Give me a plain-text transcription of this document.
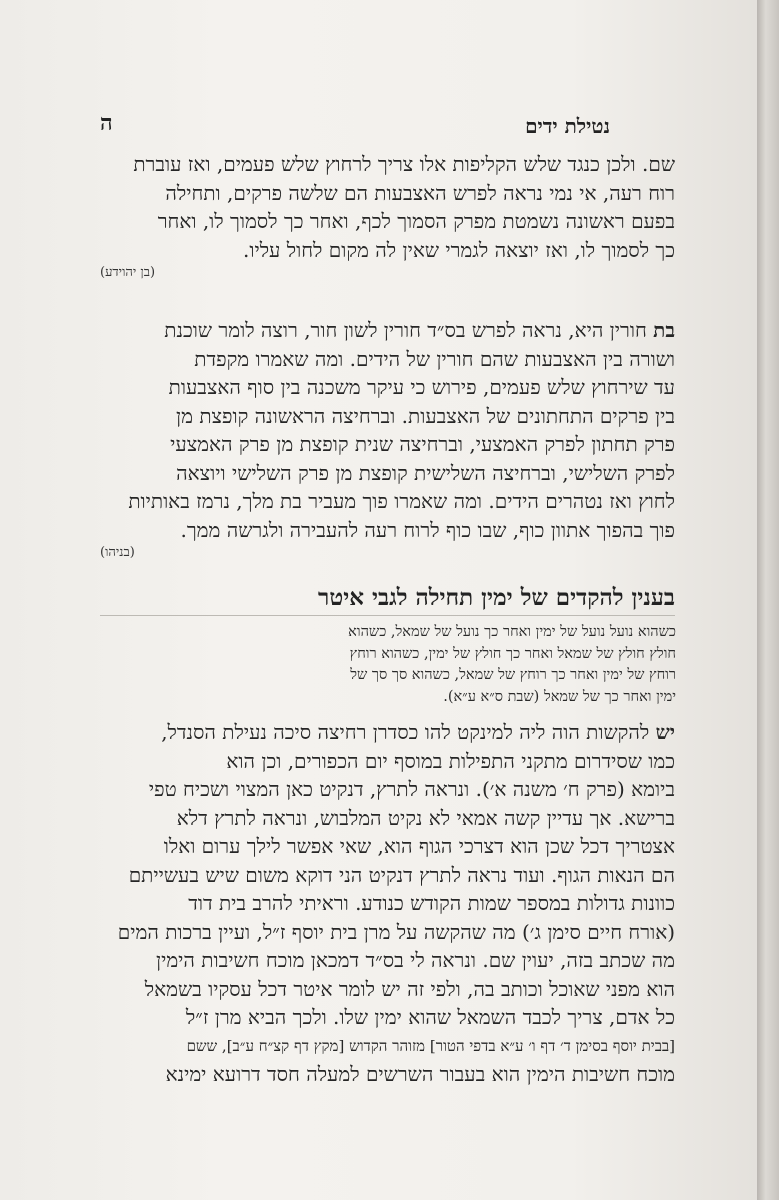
נטילת ידים
ה
שם. ולכן כנגד שלש הקליפות אלו צריך לרחוץ שלש פעמים, ואז עוברת
רוח רעה, אי נמי נראה לפרש האצבעות הם שלשה פרקים, ותחילה
בפעם ראשונה נשמטת מפרק הסמוך לכף, ואחר כך לסמוך לו, ואחר
כך לסמוך לו, ואז יוצאה לגמרי שאין לה מקום לחול עליו.
(בן יהוידע)
בת חורין היא, נראה לפרש בס״ד חורין לשון חור, רוצה לומר שוכנת
ושורה בין האצבעות שהם חורין של הידים. ומה שאמרו מקפדת
עד שירחוץ שלש פעמים, פירוש כי עיקר משכנה בין סוף האצבעות
בין פרקים התחתונים של האצבעות. וברחיצה הראשונה קופצת מן
פרק תחתון לפרק האמצעי, וברחיצה שנית קופצת מן פרק האמצעי
לפרק השלישי, וברחיצה השלישית קופצת מן פרק השלישי ויוצאה
לחוץ ואז נטהרים הידים. ומה שאמרו פוך מעביר בת מלך, נרמז באותיות
פוך בהפוך אתוון כוף, שבו כוף לרוח רעה להעבירה ולגרשה ממך.
(בניהו)
בענין להקדים של ימין תחילה לגבי איטר
כשהוא נועל נועל של ימין ואחר כך נועל של שמאל, כשהוא
חולץ חולץ של שמאל ואחר כך חולץ של ימין, כשהוא רוחץ
רוחץ של ימין ואחר כך רוחץ של שמאל, כשהוא סך סך של
ימין ואחר כך של שמאל (שבת ס״א ע״א).
יש להקשות הוה ליה למינקט להו כסדרן רחיצה סיכה נעילת הסנדל,
כמו שסידרום מתקני התפילות במוסף יום הכפורים, וכן הוא
ביומא (פרק ח׳ משנה א׳). ונראה לתרץ, דנקיט כאן המצוי ושכיח טפי
ברישא. אך עדיין קשה אמאי לא נקיט המלבוש, ונראה לתרץ דלא
אצטריך דכל שכן הוא דצרכי הגוף הוא, שאי אפשר לילך ערום ואלו
הם הנאות הגוף. ועוד נראה לתרץ דנקיט הני דוקא משום שיש בעשייתם
כוונות גדולות במספר שמות הקודש כנודע. וראיתי להרב בית דוד
(אורח חיים סימן ג׳) מה שהקשה על מרן בית יוסף ז״ל, ועיין ברכות המים
מה שכתב בזה, יעוין שם. ונראה לי בס״ד דמכאן מוכח חשיבות הימין
הוא מפני שאוכל וכותב בה, ולפי זה יש לומר איטר דכל עסקיו בשמאל
כל אדם, צריך לכבד השמאל שהוא ימין שלו. ולכך הביא מרן ז״ל
[בבית יוסף בסימן ד׳ דף ו׳ ע״א בדפי הטור] מזוהר הקדוש [מקץ דף קצ״ח ע״ב], ששם
מוכח חשיבות הימין הוא בעבור השרשים למעלה חסד דרועא ימינא
